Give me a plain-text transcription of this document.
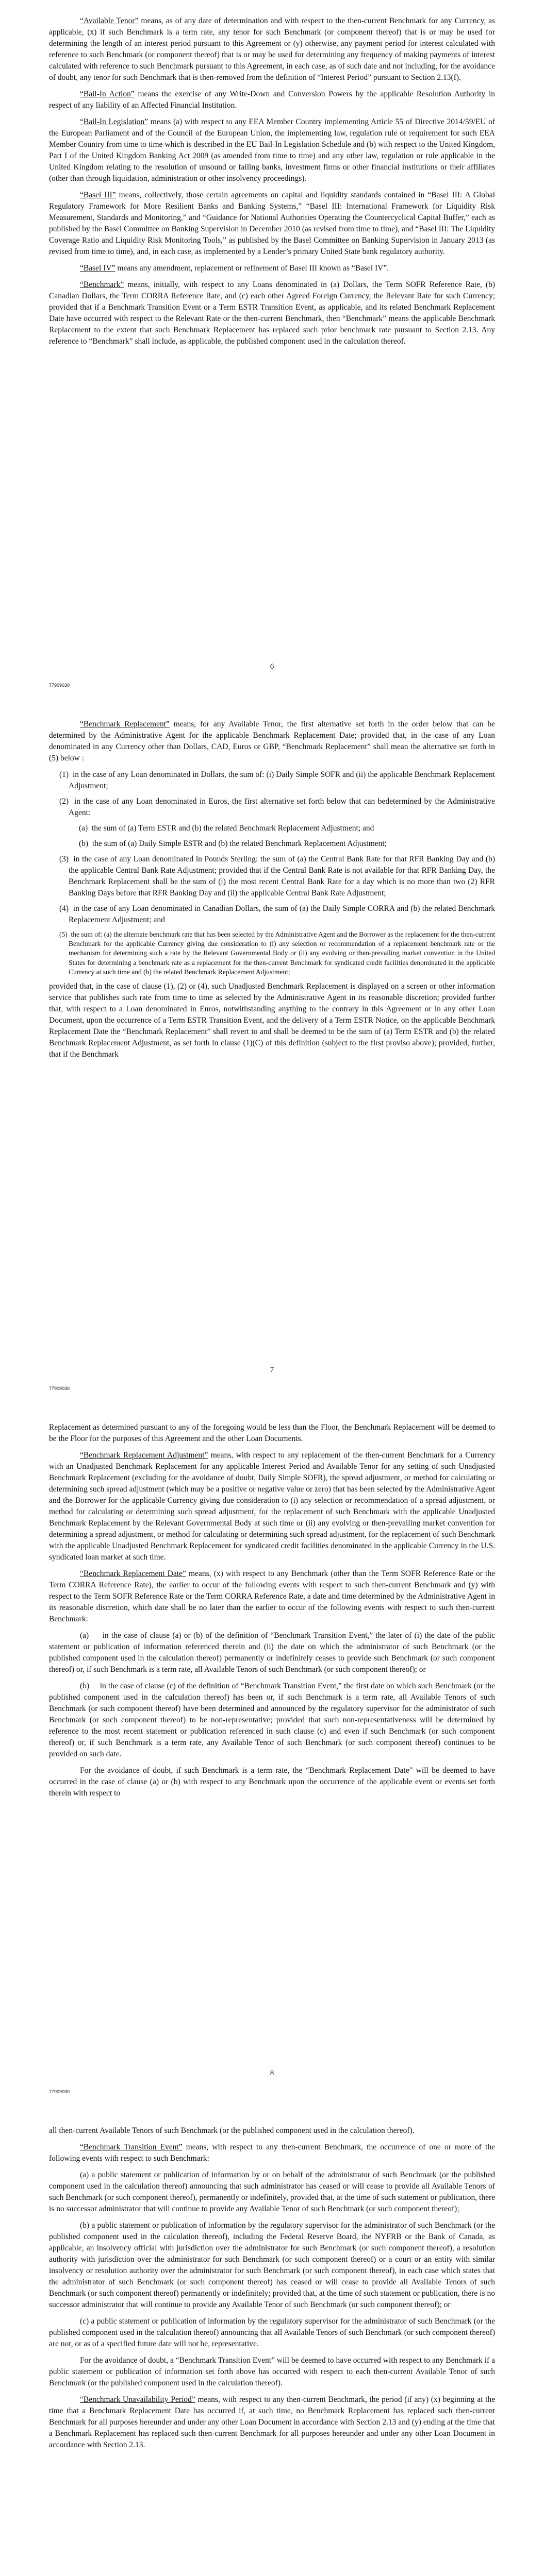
“Available Tenor” means, as of any date of determination and with respect to the then-current Benchmark for any Currency, as applicable, (x) if such Benchmark is a term rate, any tenor for such Benchmark (or component thereof) that is or may be used for determining the length of an interest period pursuant to this Agreement or (y) otherwise, any payment period for interest calculated with reference to such Benchmark (or component thereof) that is or may be used for determining any frequency of making payments of interest calculated with reference to such Benchmark pursuant to this Agreement, in each case, as of such date and not including, for the avoidance of doubt, any tenor for such Benchmark that is then-removed from the definition of “Interest Period” pursuant to Section 2.13(f).

“Bail-In Action” means the exercise of any Write-Down and Conversion Powers by the applicable Resolution Authority in respect of any liability of an Affected Financial Institution.

“Bail-In Legislation” means (a) with respect to any EEA Member Country implementing Article 55 of Directive 2014/59/EU of the European Parliament and of the Council of the European Union, the implementing law, regulation rule or requirement for such EEA Member Country from time to time which is described in the EU Bail-In Legislation Schedule and (b) with respect to the United Kingdom, Part I of the United Kingdom Banking Act 2009 (as amended from time to time) and any other law, regulation or rule applicable in the United Kingdom relating to the resolution of unsound or failing banks, investment firms or other financial institutions or their affiliates (other than through liquidation, administration or other insolvency proceedings).

“Basel III” means, collectively, those certain agreements on capital and liquidity standards contained in “Basel III: A Global Regulatory Framework for More Resilient Banks and Banking Systems,” “Basel III: International Framework for Liquidity Risk Measurement, Standards and Monitoring,” and “Guidance for National Authorities Operating the Countercyclical Capital Buffer,” each as published by the Basel Committee on Banking Supervision in December 2010 (as revised from time to time), and “Basel III: The Liquidity Coverage Ratio and Liquidity Risk Monitoring Tools,” as published by the Basel Committee on Banking Supervision in January 2013 (as revised from time to time), and, in each case, as implemented by a Lender’s primary United State bank regulatory authority.

“Basel IV” means any amendment, replacement or refinement of Basel III known as “Basel IV”.

“Benchmark” means, initially, with respect to any Loans denominated in (a) Dollars, the Term SOFR Reference Rate, (b) Canadian Dollars, the Term CORRA Reference Rate, and (c) each other Agreed Foreign Currency, the Relevant Rate for such Currency; provided that if a Benchmark Transition Event or a Term ESTR Transition Event, as applicable, and its related Benchmark Replacement Date have occurred with respect to the Relevant Rate or the then-current Benchmark, then “Benchmark” means the applicable Benchmark Replacement to the extent that such Benchmark Replacement has replaced such prior benchmark rate pursuant to Section 2.13. Any reference to “Benchmark” shall include, as applicable, the published component used in the calculation thereof.

6
77909030

“Benchmark Replacement” means, for any Available Tenor, the first alternative set forth in the order below that can be determined by the Administrative Agent for the applicable Benchmark Replacement Date; provided that, in the case of any Loan denominated in any Currency other than Dollars, CAD, Euros or GBP, “Benchmark Replacement” shall mean the alternative set forth in (5) below :

(1)  in the case of any Loan denominated in Dollars, the sum of: (i) Daily Simple SOFR and (ii) the applicable Benchmark Replacement Adjustment;

(2)  in the case of any Loan denominated in Euros, the first alternative set forth below that can bedetermined by the Administrative Agent:

(a)  the sum of (a) Term ESTR and (b) the related Benchmark Replacement Adjustment; and

(b)  the sum of (a) Daily Simple ESTR and (b) the related Benchmark Replacement Adjustment;

(3)  in the case of any Loan denominated in Pounds Sterling: the sum of (a) the Central Bank Rate for that RFR Banking Day and (b) the applicable Central Bank Rate Adjustment; provided that if the Central Bank Rate is not available for that RFR Banking Day, the Benchmark Replacement shall be the sum of (i) the most recent Central Bank Rate for a day which is no more than two (2) RFR Banking Days before that RFR Banking Day and (ii) the applicable Central Bank Rate Adjustment;

(4)  in the case of any Loan denominated in Canadian Dollars, the sum of (a) the Daily Simple CORRA and (b) the related Benchmark Replacement Adjustment; and

(5)  the sum of: (a) the alternate benchmark rate that has been selected by the Administrative Agent and the Borrower as the replacement for the then-current Benchmark for the applicable Currency giving due consideration to (i) any selection or recommendation of a replacement benchmark rate or the mechanism for determining such a rate by the Relevant Governmental Body or (ii) any evolving or then-prevailing market convention in the United States for determining a benchmark rate as a replacement for the then-current Benchmark for syndicated credit facilities denominated in the applicable Currency at such time and (b) the related Benchmark Replacement Adjustment;

provided that, in the case of clause (1), (2) or (4), such Unadjusted Benchmark Replacement is displayed on a screen or other information service that publishes such rate from time to time as selected by the Administrative Agent in its reasonable discretion; provided further that, with respect to a Loan denominated in Euros, notwithstanding anything to the contrary in this Agreement or in any other Loan Document, upon the occurrence of a Term ESTR Transition Event, and the delivery of a Term ESTR Notice, on the applicable Benchmark Replacement Date the “Benchmark Replacement” shall revert to and shall be deemed to be the sum of (a) Term ESTR and (b) the related Benchmark Replacement Adjustment, as set forth in clause (1)(C) of this definition (subject to the first proviso above); provided, further, that if the Benchmark

7
77909030

Replacement as determined pursuant to any of the foregoing would be less than the Floor, the Benchmark Replacement will be deemed to be the Floor for the purposes of this Agreement and the other Loan Documents.

“Benchmark Replacement Adjustment” means, with respect to any replacement of the then-current Benchmark for a Currency with an Unadjusted Benchmark Replacement for any applicable Interest Period and Available Tenor for any setting of such Unadjusted Benchmark Replacement (excluding for the avoidance of doubt, Daily Simple SOFR), the spread adjustment, or method for calculating or determining such spread adjustment (which may be a positive or negative value or zero) that has been selected by the Administrative Agent and the Borrower for the applicable Currency giving due consideration to (i) any selection or recommendation of a spread adjustment, or method for calculating or determining such spread adjustment, for the replacement of such Benchmark with the applicable Unadjusted Benchmark Replacement by the Relevant Governmental Body at such time or (ii) any evolving or then-prevailing market convention for determining a spread adjustment, or method for calculating or determining such spread adjustment, for the replacement of such Benchmark with the applicable Unadjusted Benchmark Replacement for syndicated credit facilities denominated in the applicable Currency in the U.S. syndicated loan market at such time.

“Benchmark Replacement Date” means, (x) with respect to any Benchmark (other than the Term SOFR Reference Rate or the Term CORRA Reference Rate), the earlier to occur of the following events with respect to such then-current Benchmark and (y) with respect to the Term SOFR Reference Rate or the Term CORRA Reference Rate, a date and time determined by the Administrative Agent in its reasonable discretion, which date shall be no later than the earlier to occur of the following events with respect to such then-current Benchmark:

(a)     in the case of clause (a) or (b) of the definition of “Benchmark Transition Event,” the later of (i) the date of the public statement or publication of information referenced therein and (ii) the date on which the administrator of such Benchmark (or the published component used in the calculation thereof) permanently or indefinitely ceases to provide such Benchmark (or such component thereof) or, if such Benchmark is a term rate, all Available Tenors of such Benchmark (or such component thereof); or

(b)     in the case of clause (c) of the definition of “Benchmark Transition Event,” the first date on which such Benchmark (or the published component used in the calculation thereof) has been or, if such Benchmark is a term rate, all Available Tenors of such Benchmark (or such component thereof) have been determined and announced by the regulatory supervisor for the administrator of such Benchmark (or such component thereof) to be non-representative; provided that such non-representativeness will be determined by reference to the most recent statement or publication referenced in such clause (c) and even if such Benchmark (or such component thereof) or, if such Benchmark is a term rate, any Available Tenor of such Benchmark (or such component thereof) continues to be provided on such date.

For the avoidance of doubt, if such Benchmark is a term rate, the “Benchmark Replacement Date” will be deemed to have occurred in the case of clause (a) or (b) with respect to any Benchmark upon the occurrence of the applicable event or events set forth therein with respect to

8
77909030

all then-current Available Tenors of such Benchmark (or the published component used in the calculation thereof).

“Benchmark Transition Event” means, with respect to any then-current Benchmark, the occurrence of one or more of the following events with respect to such Benchmark:

(a) a public statement or publication of information by or on behalf of the administrator of such Benchmark (or the published component used in the calculation thereof) announcing that such administrator has ceased or will cease to provide all Available Tenors of such Benchmark (or such component thereof), permanently or indefinitely, provided that, at the time of such statement or publication, there is no successor administrator that will continue to provide any Available Tenor of such Benchmark (or such component thereof);

(b) a public statement or publication of information by the regulatory supervisor for the administrator of such Benchmark (or the published component used in the calculation thereof), including the Federal Reserve Board, the NYFRB or the Bank of Canada, as applicable, an insolvency official with jurisdiction over the administrator for such Benchmark (or such component thereof), a resolution authority with jurisdiction over the administrator for such Benchmark (or such component thereof) or a court or an entity with similar insolvency or resolution authority over the administrator for such Benchmark (or such component thereof), in each case which states that the administrator of such Benchmark (or such component thereof) has ceased or will cease to provide all Available Tenors of such Benchmark (or such component thereof) permanently or indefinitely; provided that, at the time of such statement or publication, there is no successor administrator that will continue to provide any Available Tenor of such Benchmark (or such component thereof); or

(c) a public statement or publication of information by the regulatory supervisor for the administrator of such Benchmark (or the published component used in the calculation thereof) announcing that all Available Tenors of such Benchmark (or such component thereof) are not, or as of a specified future date will not be, representative.

For the avoidance of doubt, a “Benchmark Transition Event” will be deemed to have occurred with respect to any Benchmark if a public statement or publication of information set forth above has occurred with respect to each then-current Available Tenor of such Benchmark (or the published component used in the calculation thereof).

“Benchmark Unavailability Period” means, with respect to any then-current Benchmark, the period (if any) (x) beginning at the time that a Benchmark Replacement Date has occurred if, at such time, no Benchmark Replacement has replaced such then-current Benchmark for all purposes hereunder and under any other Loan Document in accordance with Section 2.13 and (y) ending at the time that a Benchmark Replacement has replaced such then-current Benchmark for all purposes hereunder and under any other Loan Document in accordance with Section 2.13.
